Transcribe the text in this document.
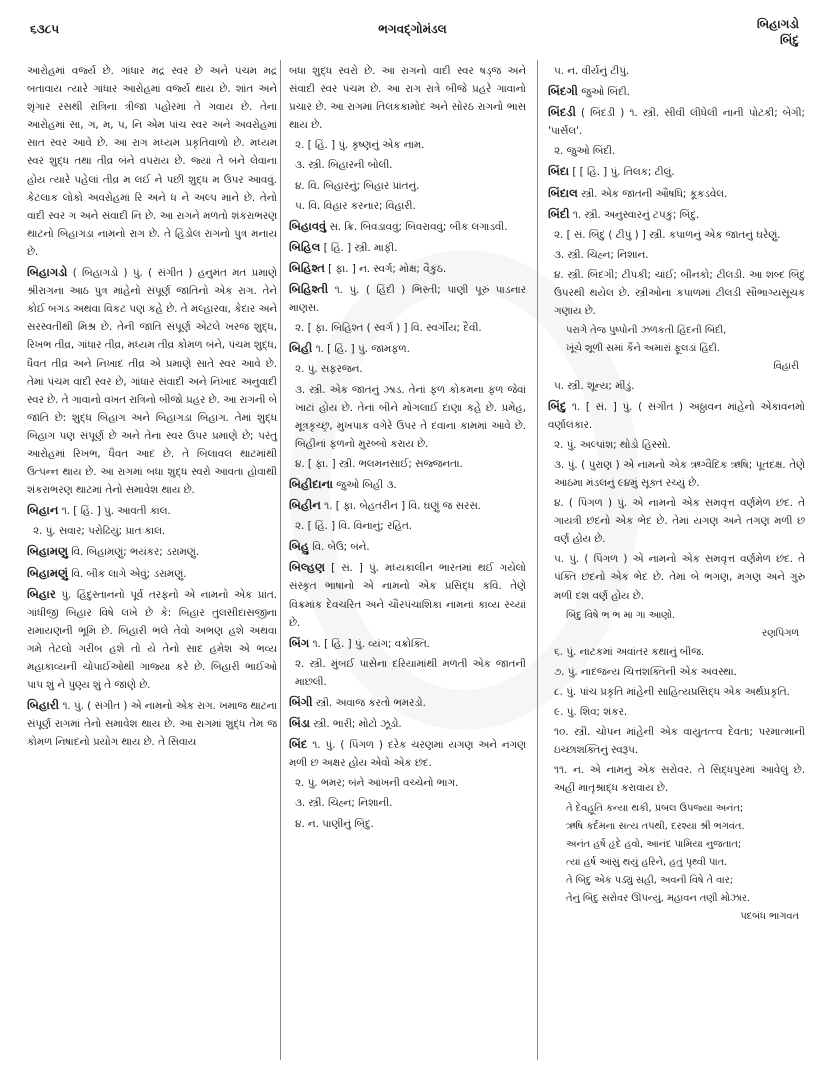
૬૩૮૫	ભગવદ્ગોમંડલ	બિહાગડો
બિંદુ
આરોહમાં વર્જ્ય છે. ગાંધાર મદ્ર સ્વર છે અને પંચમ મદ્ર બતાવાય ત્યારે ગાંધાર આરોહમાં વર્જ્ય થાય છે. શાંત અને શૃંગાર રસથી રાત્રિના ત્રીજા પહોરમાં તે ગવાય છે. તેના આરોહમાં સા, ગ, મ, પ, નિ એમ પાંચ સ્વર અને અવરોહમાં સાત સ્વર આવે છે. આ રાગ મધ્યમ પ્રકૃતિવાળો છે. મધ્યમ સ્વર શુદ્ધ તથા તીવ્ર બંને વપરાય છે. જ્યાં તે બંને લેવાના હોય ત્યારે પહેલાં તીવ્ર મ લઈ ને પછી શુદ્ધ મ ઉપર આવવું. કેટલાક લોકો અવરોહમાં રિ અને ધ ને અલ્પ માને છે. તેનો વાદી સ્વર ગ અને સંવાદી નિ છે. આ રાગને મળતો શંકરાભરણ થાટનો બિહાગડા નામનો રાગ છે. તે હિંડોલ રાગનો પુત્ર મનાય છે.
બિહાગડો ( બિહાગડો ) પું. ( સંગીત ) હનુમંત મત પ્રમાણે શ્રીરાગના આઠ પુત્ર માંહેનો સંપૂર્ણ જાતિનો એક રાગ. તેને કોઈ બગડ અથવા વિકટ પણ કહે છે. તે મલ્હારવા, કેદાર અને સરસ્વતીથી મિશ્ર છે. તેની જાતિ સંપૂર્ણ એટલે ખરજ શુદ્ધ, રિખભ તીવ્ર, ગાંધાર તીવ્ર, મધ્યમ તીવ્ર કોમળ બંને, પંચમ શુદ્ધ, ધૈવત તીવ્ર અને નિખાદ તીવ્ર એ પ્રમાણે સાતે સ્વર આવે છે. તેમાં પંચમ વાદી સ્વર છે, ગાંધાર સંવાદી અને નિખાદ અનુવાદી સ્વર છે. તે ગાવાનો વખત રાત્રિનો બીજો પ્રહર છે. આ રાગની બે જાતિ છે: શુદ્ધ બિહાગ અને બિહાગડા બિહાગ. તેમાં શુદ્ધ બિહાગ પણ સંપૂર્ણ છે અને તેના સ્વર ઉપર પ્રમાણે છે; પરંતુ આરોહમાં રિખભ, ધૈવત આદ છે. તે બિલાવલ થાટમાંથી ઉત્પન્ન થાય છે. આ રાગમાં બધા શુદ્ધ સ્વરો આવતા હોવાથી શંકરાભરણ થાટમાં તેનો સમાવેશ થાય છે.
બિહાન ૧. [ હિં. ] પું. આવતી કાલ.
૨. પું. સવાર; પરોઢિયું; પ્રાતઃકાલ.
બિહામણુ વિ. બિહામણું; ભયંકર; ડરામણું.
બિહામણું વિ. બીક લાગે એવું; ડરામણું.
બિહાર પું. હિંદુસ્તાનનો પૂર્વ તરફનો એ નામનો એક પ્રાંત. ગાંધીજી બિહાર વિષે લખે છે કે: બિહાર તુલસીદાસજીના રામાયણની ભૂમિ છે. બિહારી ભલે તેવો અભણ હશે અથવા ગમે તેટલો ગરીબ હશે તો યે તેનો સાદ હમેશ એ ભવ્ય મહાકાવ્યની ચોપાઈઓથી ગાજ્યા કરે છે. બિહારી ભાઈઓ પાપ શું ને પુણ્ય શું તે જાણે છે.
બિહારી ૧. પું. ( સંગીત ) એ નામનો એક રાગ. ખમાજ થાટના સંપૂર્ણ રાગમાં તેનો સમાવેશ થાય છે. આ રાગમાં શુદ્ધ તેમ જ કોમળ નિષાદનો પ્રયોગ થાય છે. તે સિવાય
બધા શુદ્ધ સ્વરો છે. આ રાગનો વાદી સ્વર ષડ્જ અને સંવાદી સ્વર પંચમ છે. આ રાગ રાત્રે બીજે પ્રહરે ગાવાનો પ્રચાર છે. આ રાગમાં તિલકકામોદ અને સોરઠ રાગનો ભાસ થાય છે.
૨. [ હિં. ] પું. કૃષ્ણનું એક નામ.
૩. સ્ત્રી. બિહારની બોલી.
૪. વિ. બિહારનું; બિહાર પ્રાંતનું.
૫. વિ. વિહાર કરનાર; વિહારી.
બિહાવવું સ. ક્રિ. બિવડાવવું; બિવરાવવું; બીક લગાડવી.
બિહિલ [ હિં. ] સ્ત્રી. માફી.
બિહિશ્ત [ ફા. ] ન. સ્વર્ગ; મોક્ષ; વૈકુંઠ.
બિહિશ્તી ૧. પું. ( હિંદી ) ભિસ્તી; પાણી પૂરું પાડનાર માણસ.
૨. [ ફા. બિહિશ્ત ( સ્વર્ગ ) ] વિ. સ્વર્ગીય; દૈવી.
બિહી ૧. [ હિં. ] પું. જામફળ.
૨. પું. સફરજન.
૩. સ્ત્રી. એક જાતનું ઝાડ. તેનાં ફળ કોકમના ફળ જેવાં ખાટાં હોય છે. તેનાં બીને મોગલાઈ દાણા કહે છે. પ્રમેહ, મૂત્રકૃચ્છ્ર, મુખપાક વગેરે ઉપર તે દવાના કામમાં આવે છે. બિહીનાં ફળનો મુરબ્બો કરાય છે.
૪. [ ફા. ] સ્ત્રી. ભલમનસાઈ; સજ્જનતા.
બિહીદાના જુઓ બિહી ૩.
બિહીન ૧. [ ફા. બેહતરીન ] વિ. ઘણું જ સરસ.
૨. [ હિં. ] વિ. વિનાનું; રહિત.
બિહુ વિ. બેઉ; બંને.
બિલ્હણ [ સં. ] પું. મધ્યકાલીન ભારતમાં થઈ ગયેલો સંસ્કૃત ભાષાનો એ નામનો એક પ્રસિદ્ધ કવિ. તેણે વિક્રમાંક દેવચરિત અને ચૌરપંચાશિકા નામનાં કાવ્ય રચ્યાં છે.
બિંગ ૧. [ હિં. ] પું. વ્યંગ; વક્રોક્તિ.
૨. સ્ત્રી. મુંબઈ પાસેના દરિયામાંથી મળતી એક જાતની માછલી.
બિંગી સ્ત્રી. અવાજ કરતો ભમરડો.
બિંડા સ્ત્રી. ભારી; મોટો ઝૂડો.
બિંદ ૧. પું. ( પિંગળ ) દરેક ચરણમાં યગણ અને નગણ મળી છ અક્ષર હોય એવો એક છંદ.
૨. પું. ભમર; બંને આંખની વચ્ચેનો ભાગ.
૩. સ્ત્રી. ચિહ્ન; નિશાની.
૪. ન. પાણીનું બિંદુ.
૫. ન. વીર્યનું ટીપું.
બિંદગી જુઓ બિંદી.
બિંદડી ( બિંદડી ) ૧. સ્ત્રી. સીવી લીધેલી નાની પોટકી; બેગી; 'પાર્સલ'.
૨. જુઓ બિંદી.
બિંદા [ [ હિં. ] પું. તિલક; ટીલું.
બિંદાલ સ્ત્રી. એક જાતની ઔષધિ; કૂકડવેલ.
બિંદી ૧. સ્ત્રી. અનુસ્વારનું ટપકું; બિંદુ.
૨. [ સં. બિંદુ ( ટીપું ) ] સ્ત્રી. કપાળનું એક જાતનું ઘરેણું.
૩. સ્ત્રી. ચિહ્ન; નિશાન.
૪. સ્ત્રી. બિંદગી; ટીપકી; ચાંઈ; બીનકો; ટીલડી. આ શબ્દ બિંદુ ઉપરથી થયેલ છે. સ્ત્રીઓના કપાળમાં ટીલડી સૌભાગ્યસૂચક ગણાય છે.
પરાગે તેજ પુષ્પોની ઝળકતી હિંદની બિંદી,
ખૂંચે શૂળી સમાં કૈંને અમારાં ફૂલડાં હિંદી.
વિહારી
૫. સ્ત્રી. શૂન્ય; મીંડું.
બિંદુ ૧. [ સં. ] પું. ( સંગીત ) અઠ્ઠાવન માંહેનો એકાવનમો વર્ણાલંકાર.
૨. પું. અલ્પાંશ; થોડો હિસ્સો.
૩. પું. ( પુરાણ ) એ નામનો એક ઋગ્વૈદિક ઋષિ; પૂતદક્ષ. તેણે આઠમા મંડલનું ૯૪મું સૂક્ત રચ્યું છે.
૪. ( પિંગળ ) પું. એ નામનો એક સમવૃત્ત વર્ણમેળ છંદ. તે ગાયત્રી છંદનો એક ભેદ છે. તેમાં યગણ અને તગણ મળી છ વર્ણ હોય છે.
૫. પું. ( પિંગળ ) એ નામનો એક સમવૃત્ત વર્ણમેળ છંદ. તે પંક્તિ છંદનો એક ભેદ છે. તેમાં બે ભગણ, મગણ અને ગુરુ મળી દશ વર્ણ હોય છે.
બિંદુ વિષે ભ ભ મા ગા આણો.
રણપિંગળ
૬. પું. નાટકમાં અવાંતર કથાનું બીજ.
૭. પું. નાદજન્ય ચિત્તશક્તિની એક અવસ્થા.
૮. પું. પાંચ પ્રકૃતિ માંહેની સાહિત્યપ્રસિદ્ધ એક અર્થપ્રકૃતિ.
૯. પું. શિવ; શંકર.
૧૦. સ્ત્રી. ચોપન માંહેની એક વાયુતત્ત્વ દેવતા; પરમાત્માની ઇચ્છાશક્તિનું સ્વરૂપ.
૧૧. ન. એ નામનું એક સરોવર. તે સિદ્ધપુરમાં આવેલું છે. અહીં માતૃશ્રાદ્ધ કરાવાય છે.
તે દેવહૂતિ કન્યા થકી, પ્રબલ ઉપજ્યા અનંત;
ઋષિ કર્દમના સત્ય તપથી, દરશ્યા શ્રી ભગવંત.
અનંત હર્ષ હૃદે હવો, આનંદ પામિયા નુજતાત;
ત્યાં હર્ષ આંસું થયું હરિને, હતું પૃથ્વી પાત.
તે બિંદુ એક પડ્યું સહી, અવની વિષે તે વાર;
તેનું બિંદુ સરોવર ઊપન્યું, મહાવન તણી મોઝાર.
પદબંધ ભાગવત
